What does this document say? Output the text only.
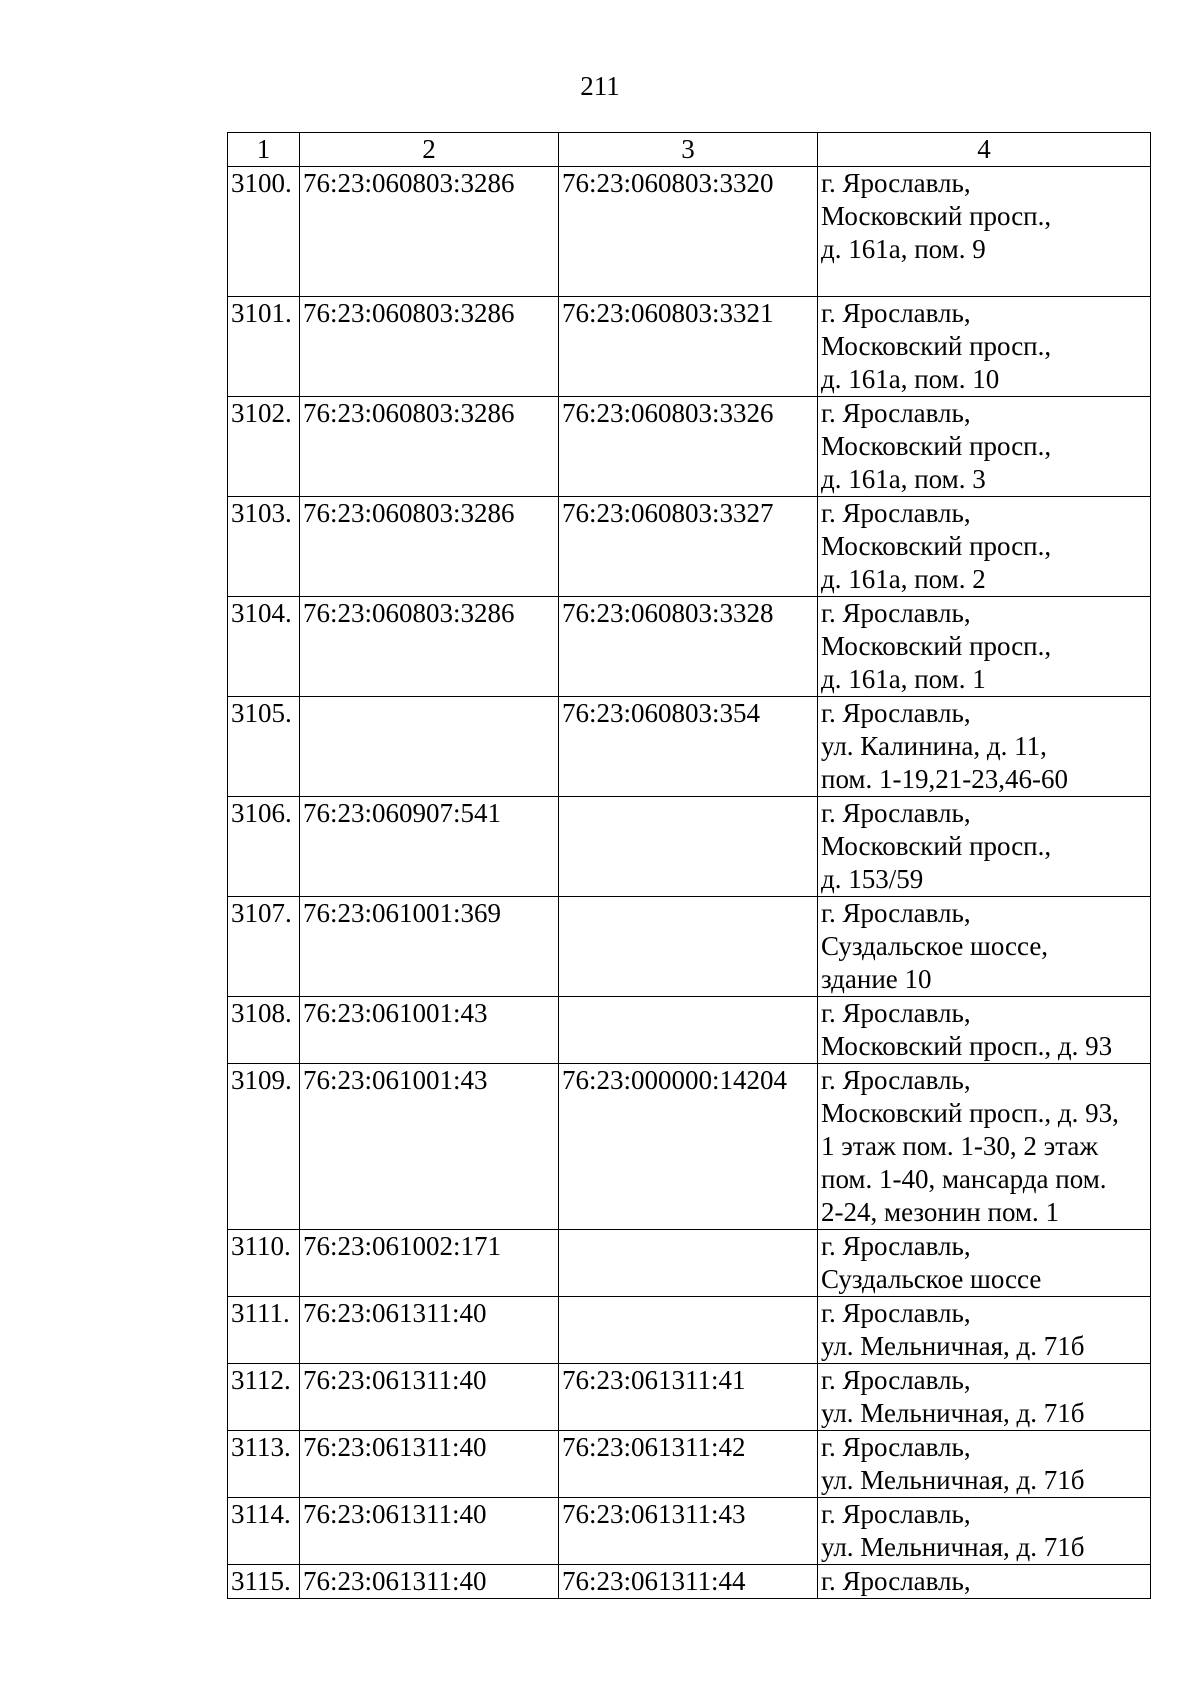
211
1	2	3	4
3100.	76:23:060803:3286	76:23:060803:3320	г. Ярославль,
Московский просп.,
д. 161а, пом. 9

3101.	76:23:060803:3286	76:23:060803:3321	г. Ярославль,
Московский просп.,
д. 161а, пом. 10

3102.	76:23:060803:3286	76:23:060803:3326	г. Ярославль,
Московский просп.,
д. 161а, пом. 3

3103.	76:23:060803:3286	76:23:060803:3327	г. Ярославль,
Московский просп.,
д. 161а, пом. 2

3104.	76:23:060803:3286	76:23:060803:3328	г. Ярославль,
Московский просп.,
д. 161а, пом. 1

3105.		76:23:060803:354	г. Ярославль,
ул. Калинина, д. 11,
пом. 1-19,21-23,46-60

3106.	76:23:060907:541		г. Ярославль,
Московский просп.,
д. 153/59

3107.	76:23:061001:369		г. Ярославль,
Суздальское шоссе,
здание 10

3108.	76:23:061001:43		г. Ярославль,
Московский просп., д. 93

3109.	76:23:061001:43	76:23:000000:14204	г. Ярославль,
Московский просп., д. 93,
1 этаж пом. 1-30, 2 этаж
пом. 1-40, мансарда пом.
2-24, мезонин пом. 1

3110.	76:23:061002:171		г. Ярославль,
Суздальское шоссе

3111.	76:23:061311:40		г. Ярославль,
ул. Мельничная, д. 71б

3112.	76:23:061311:40	76:23:061311:41	г. Ярославль,
ул. Мельничная, д. 71б

3113.	76:23:061311:40	76:23:061311:42	г. Ярославль,
ул. Мельничная, д. 71б

3114.	76:23:061311:40	76:23:061311:43	г. Ярославль,
ул. Мельничная, д. 71б

3115.	76:23:061311:40	76:23:061311:44	г. Ярославль,
